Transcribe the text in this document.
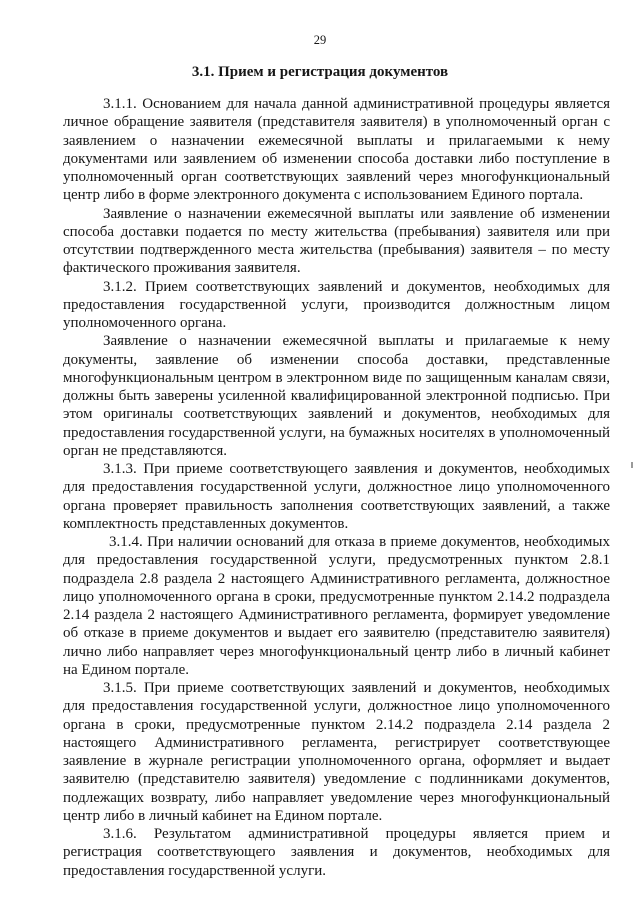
29
3.1. Прием и регистрация документов

3.1.1. Основанием для начала данной административной процедуры является личное обращение заявителя (представителя заявителя) в уполномоченный орган с заявлением о назначении ежемесячной выплаты и прилагаемыми к нему документами или заявлением об изменении способа доставки либо поступление в уполномоченный орган соответствующих заявлений через многофункциональный центр либо в форме электронного документа с использованием Единого портала.

Заявление о назначении ежемесячной выплаты или заявление об изменении способа доставки подается по месту жительства (пребывания) заявителя или при отсутствии подтвержденного места жительства (пребывания) заявителя – по месту фактического проживания заявителя.

3.1.2. Прием соответствующих заявлений и документов, необходимых для предоставления государственной услуги, производится должностным лицом уполномоченного органа.

Заявление о назначении ежемесячной выплаты и прилагаемые к нему документы, заявление об изменении способа доставки, представленные многофункциональным центром в электронном виде по защищенным каналам связи, должны быть заверены усиленной квалифицированной электронной подписью. При этом оригиналы соответствующих заявлений и документов, необходимых для предоставления государственной услуги, на бумажных носителях в уполномоченный орган не представляются.

3.1.3. При приеме соответствующего заявления и документов, необходимых для предоставления государственной услуги, должностное лицо уполномоченного органа проверяет правильность заполнения соответствующих заявлений, а также комплектность представленных документов.

3.1.4. При наличии оснований для отказа в приеме документов, необходимых для предоставления государственной услуги, предусмотренных пунктом 2.8.1 подраздела 2.8 раздела 2 настоящего Административного регламента, должностное лицо уполномоченного органа в сроки, предусмотренные пунктом 2.14.2 подраздела 2.14 раздела 2 настоящего Административного регламента, формирует уведомление об отказе в приеме документов и выдает его заявителю (представителю заявителя) лично либо направляет через многофункциональный центр либо в личный кабинет на Едином портале.

3.1.5. При приеме соответствующих заявлений и документов, необходимых для предоставления государственной услуги, должностное лицо уполномоченного органа в сроки, предусмотренные пунктом 2.14.2 подраздела 2.14 раздела 2 настоящего Административного регламента, регистрирует соответствующее заявление в журнале регистрации уполномоченного органа, оформляет и выдает заявителю (представителю заявителя) уведомление с подлинниками документов, подлежащих возврату, либо направляет уведомление через многофункциональный центр либо в личный кабинет на Едином портале.

3.1.6. Результатом административной процедуры является прием и регистрация соответствующего заявления и документов, необходимых для предоставления государственной услуги.
